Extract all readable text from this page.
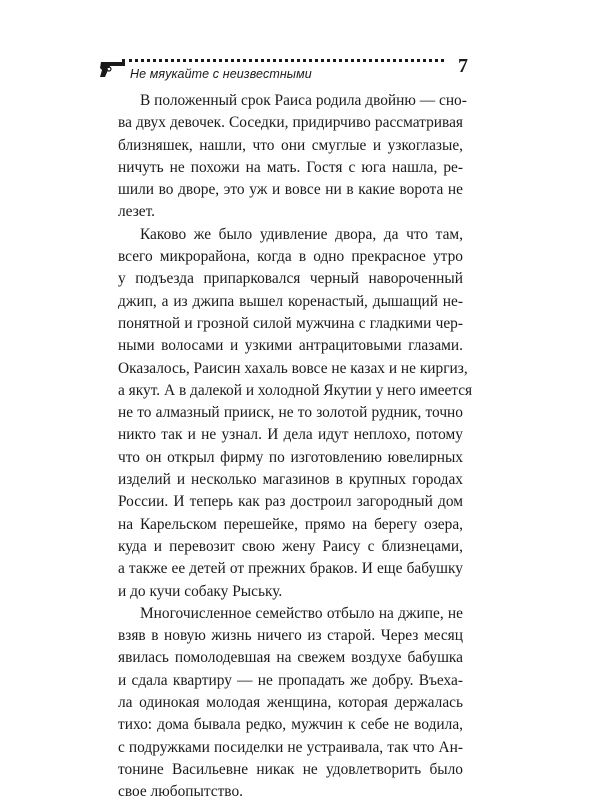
Не мяукайте с неизвестными	7
В положенный срок Раиса родила двойню — сно-
ва двух девочек. Соседки, придирчиво рассматривая
близняшек, нашли, что они смуглые и узкоглазые,
ничуть не похожи на мать. Гостя с юга нашла, ре-
шили во дворе, это уж и вовсе ни в какие ворота не
лезет.
Каково же было удивление двора, да что там,
всего микрорайона, когда в одно прекрасное утро
у подъезда припарковался черный навороченный
джип, а из джипа вышел коренастый, дышащий не-
понятной и грозной силой мужчина с гладкими чер-
ными волосами и узкими антрацитовыми глазами.
Оказалось, Раисин хахаль вовсе не казах и не киргиз,
а якут. А в далекой и холодной Якутии у него имеется
не то алмазный прииск, не то золотой рудник, точно
никто так и не узнал. И дела идут неплохо, потому
что он открыл фирму по изготовлению ювелирных
изделий и несколько магазинов в крупных городах
России. И теперь как раз достроил загородный дом
на Карельском перешейке, прямо на берегу озера,
куда и перевозит свою жену Раису с близнецами,
а также ее детей от прежних браков. И еще бабушку
и до кучи собаку Рыську.
Многочисленное семейство отбыло на джипе, не
взяв в новую жизнь ничего из старой. Через месяц
явилась помолодевшая на свежем воздухе бабушка
и сдала квартиру — не пропадать же добру. Въеха-
ла одинокая молодая женщина, которая держалась
тихо: дома бывала редко, мужчин к себе не водила,
с подружками посиделки не устраивала, так что Ан-
тонине Васильевне никак не удовлетворить было
свое любопытство.
